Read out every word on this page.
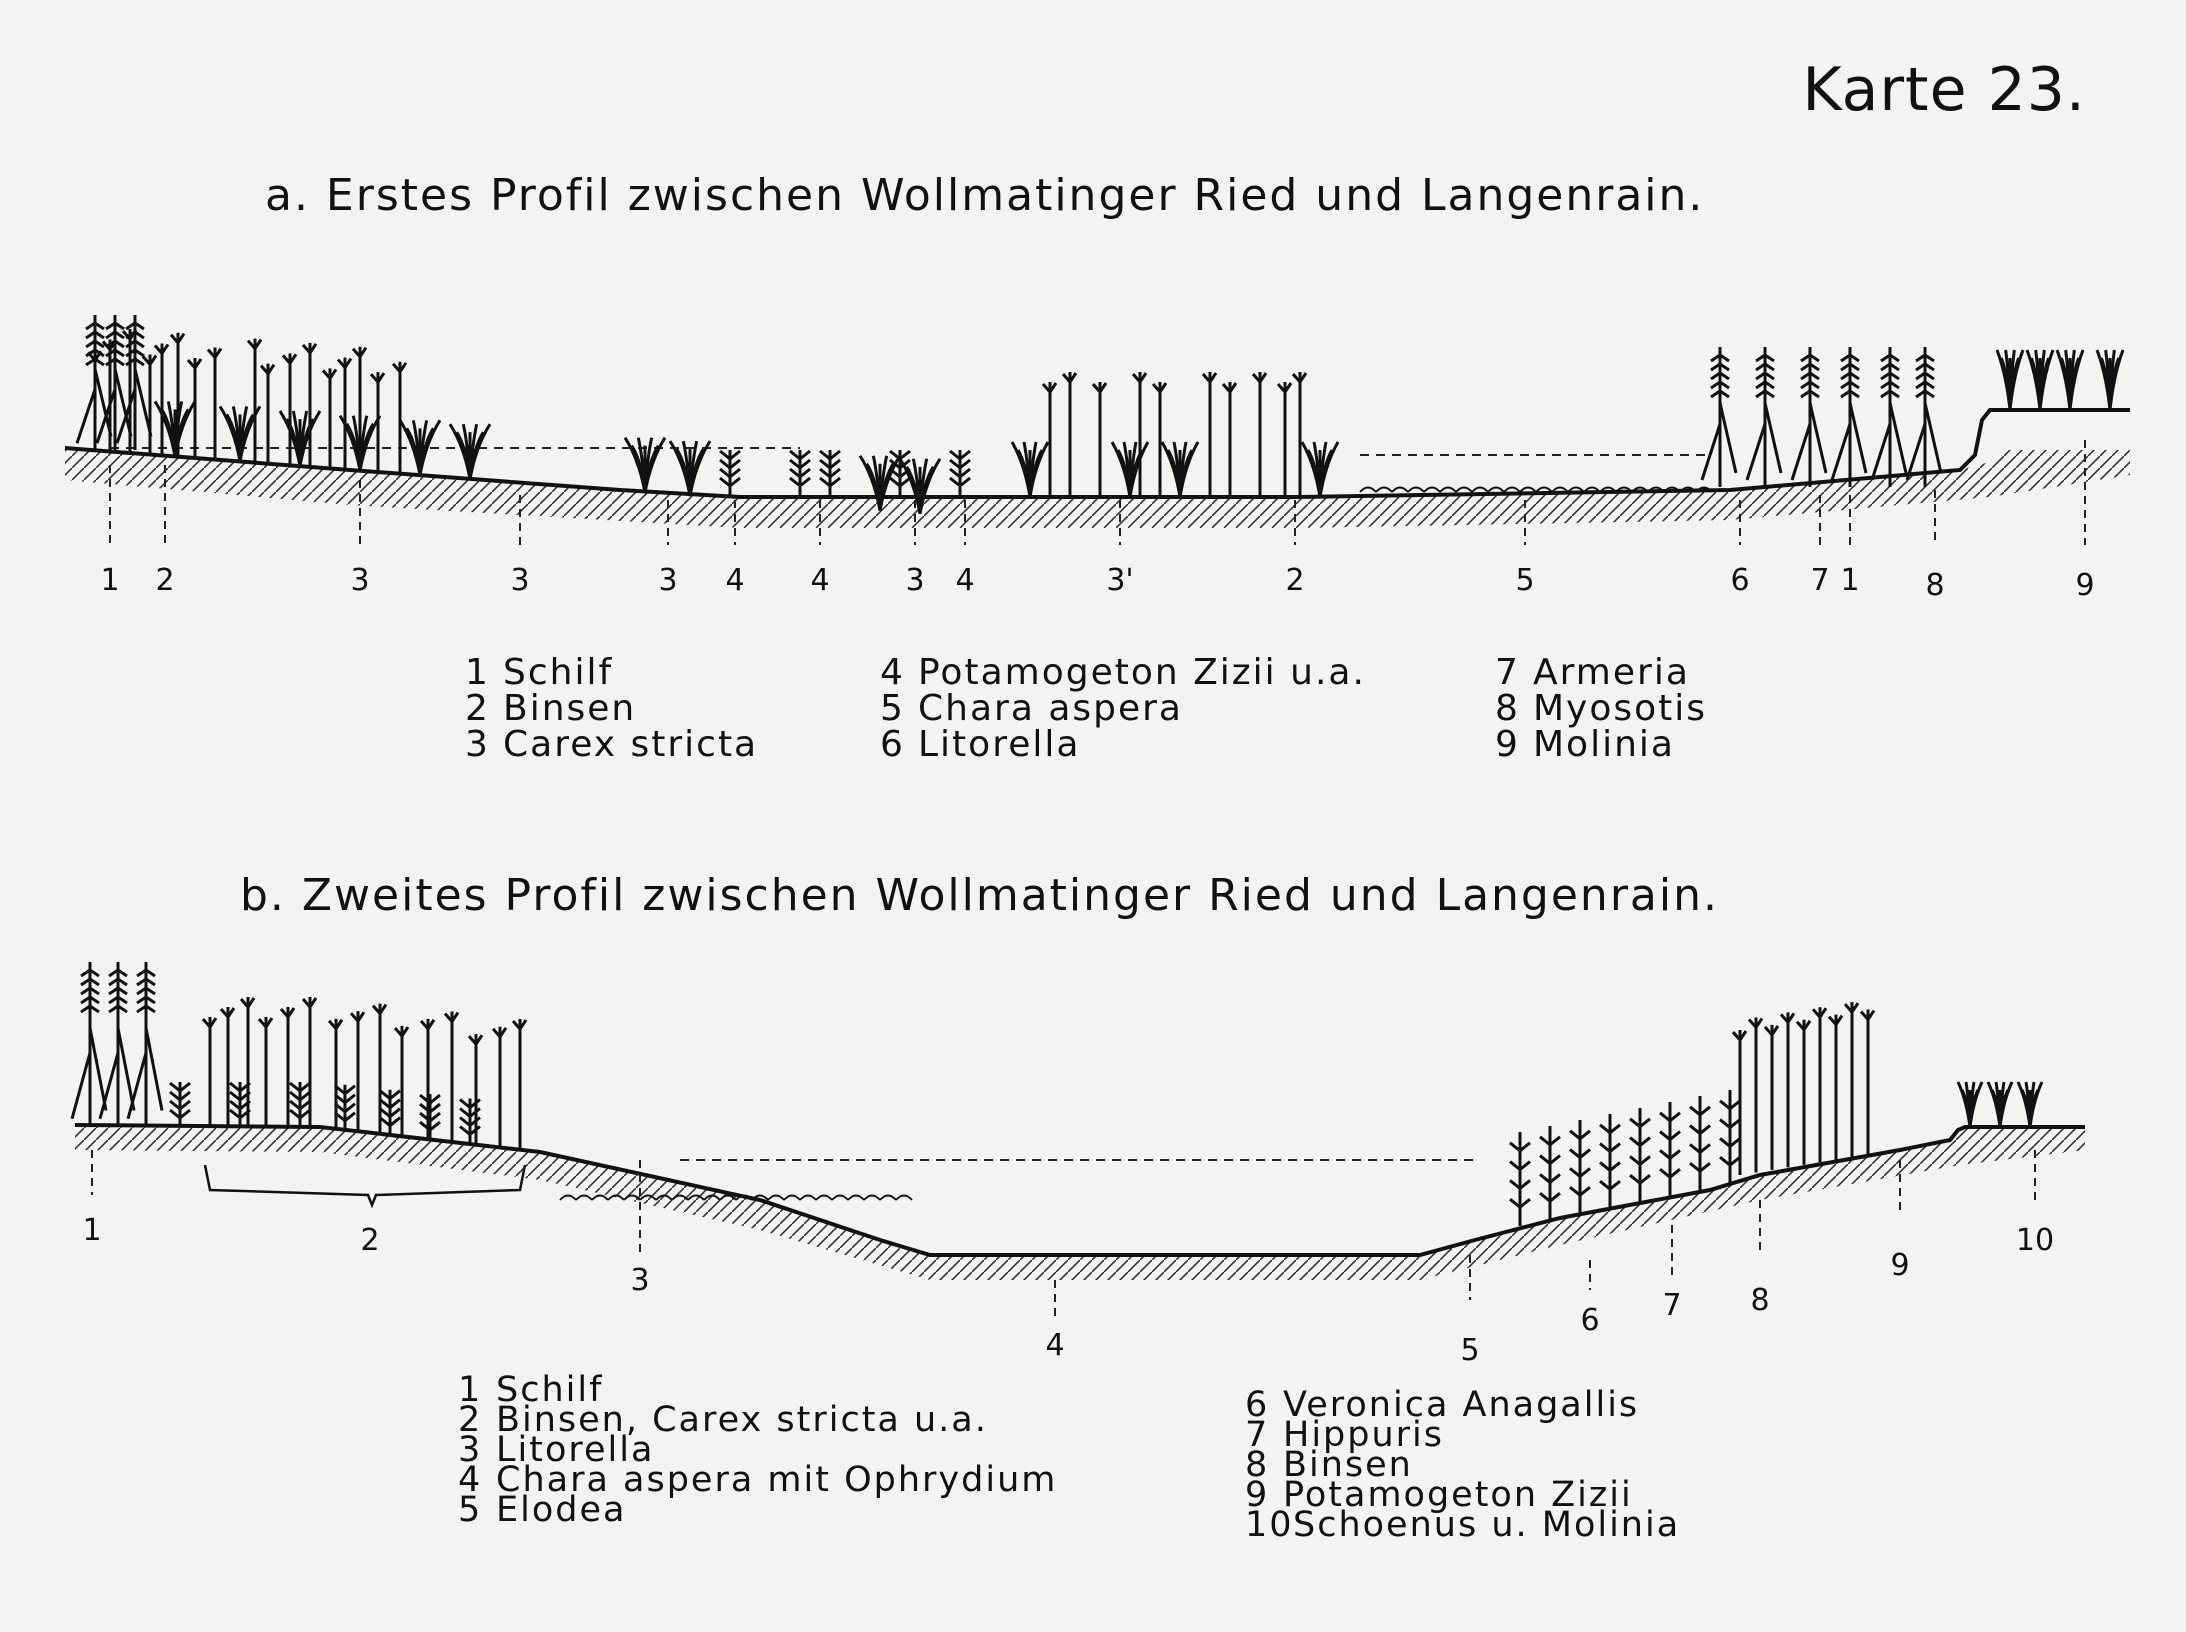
Karte 23.
a. Erstes Profil zwischen Wollmatinger Ried und Langenrain.
b. Zweites Profil zwischen Wollmatinger Ried und Langenrain.
1 2	3	3	3 4 4	3 4	3'	2	5	6 7 1 8	9
1 Schilf
2 Binsen
3 Carex stricta
4 Potamogeton Zizii u.a.
5 Chara aspera
6 Litorella
7 Armeria
8 Myosotis
9 Molinia
1	2
3
4	5
6 7 8
9
10
1 Schilf
2 Binsen, Carex stricta u.a.
3 Litorella
4 Chara aspera mit Ophrydium
5 Elodea
6 Veronica Anagallis
7 Hippuris
8 Binsen
9 Potamogeton Zizii
10Schoenus u. Molinia
